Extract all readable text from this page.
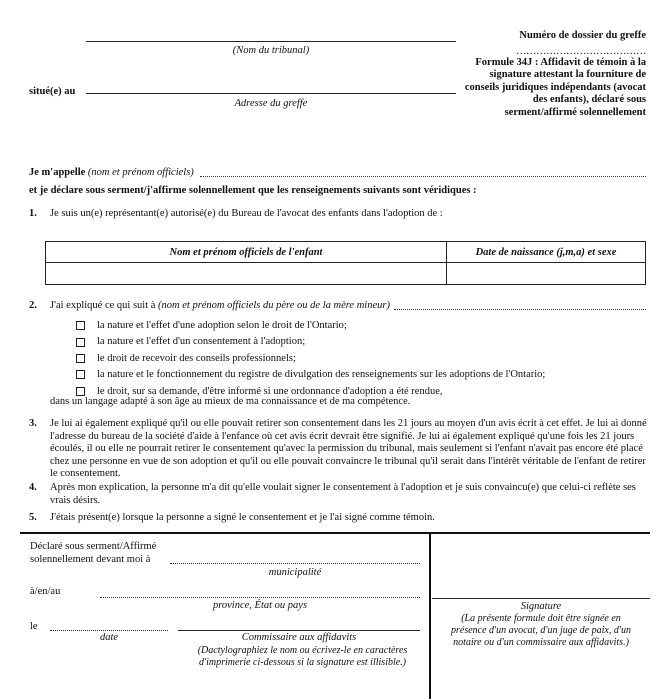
(Nom du tribunal)
situé(e) au
Adresse du greffe
Numéro de dossier du greffe
…………………………………
Formule 34J : Affidavit de témoin à la signature attestant la fourniture de conseils juridiques indépendants (avocat des enfants), déclaré sous serment/affirmé solennellement
Je m'appelle (nom et prénom officiels)
et je déclare sous serment/j'affirme solennellement que les renseignements suivants sont véridiques :
1. Je suis un(e) représentant(e) autorisé(e) du Bureau de l'avocat des enfants dans l'adoption de :
Nom et prénom officiels de l'enfant	Date de naissance (j,m,a) et sexe

2. J'ai expliqué ce qui suit à (nom et prénom officiels du père ou de la mère mineur)
la nature et l'effet d'une adoption selon le droit de l'Ontario;
la nature et l'effet d'un consentement à l'adoption;
le droit de recevoir des conseils professionnels;
la nature et le fonctionnement du registre de divulgation des renseignements sur les adoptions de l'Ontario;
le droit, sur sa demande, d'être informé si une ordonnance d'adoption a été rendue,
dans un langage adapté à son âge au mieux de ma connaissance et de ma compétence.
3. Je lui ai également expliqué qu'il ou elle pouvait retirer son consentement dans les 21 jours au moyen d'un avis écrit à cet effet. Je lui ai donné l'adresse du bureau de la société d'aide à l'enfance où cet avis écrit devrait être signifié. Je lui ai également expliqué qu'une fois les 21 jours écoulés, il ou elle ne pourrait retirer le consentement qu'avec la permission du tribunal, mais seulement si l'enfant n'avait pas encore été placé chez une personne en vue de son adoption et qu'il ou elle pouvait convaincre le tribunal qu'il serait dans l'intérêt véritable de l'enfant de retirer le consentement.
4. Après mon explication, la personne m'a dit qu'elle voulait signer le consentement à l'adoption et je suis convaincu(e) que celui-ci reflète ses vrais désirs.
5. J'étais présent(e) lorsque la personne a signé le consentement et je l'ai signé comme témoin.
Déclaré sous serment/Affirmé
solennellement devant moi à
municipalité
à/en/au
province, État ou pays
le
date	Commissaire aux affidavits
(Dactylographiez le nom ou écrivez-le en caractères d'imprimerie ci-dessous si la signature est illisible.)
Signature
(La présente formule doit être signée en présence d'un avocat, d'un juge de paix, d'un notaire ou d'un commissaire aux affidavits.)
